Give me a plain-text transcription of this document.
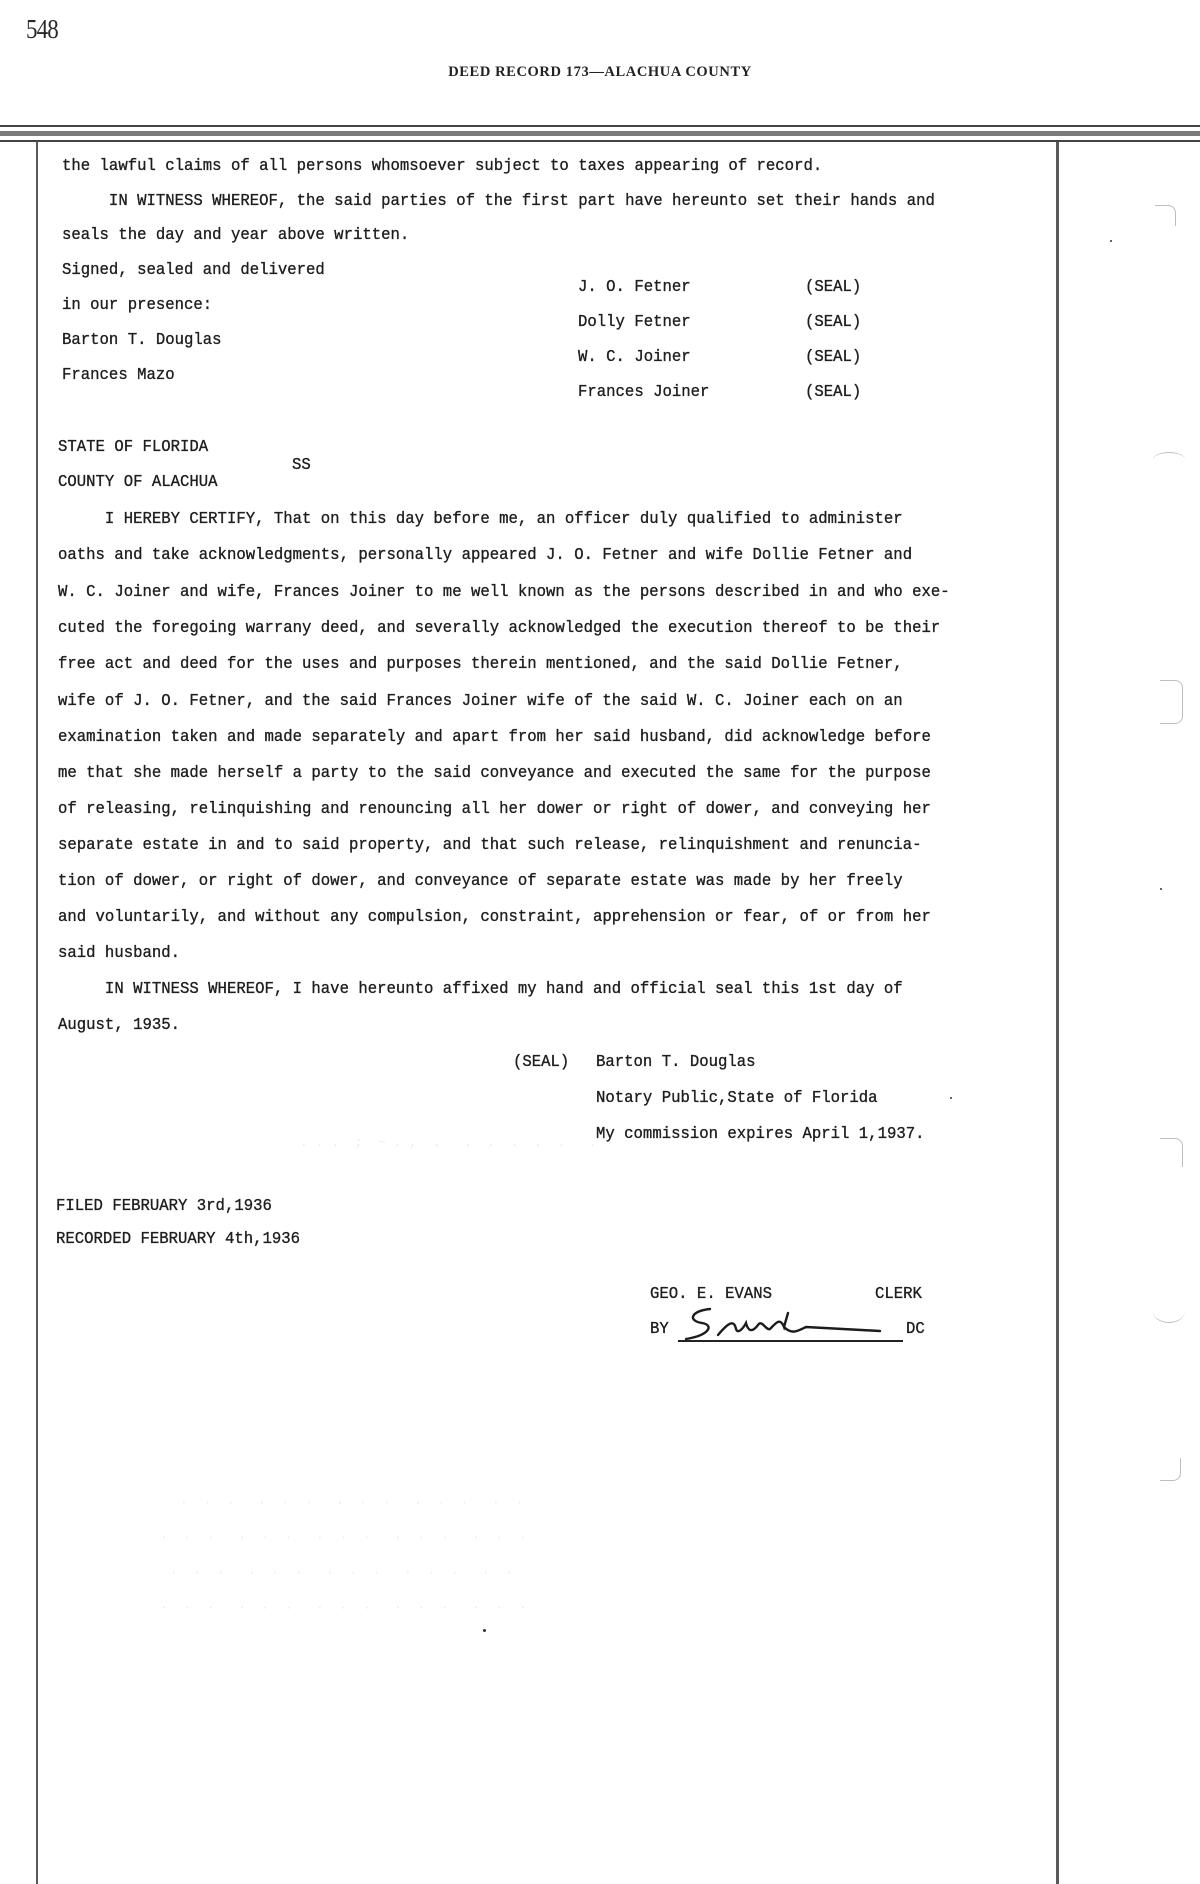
548
DEED RECORD 173—ALACHUA COUNTY
the lawful claims of all persons whomsoever subject to taxes appearing of record.
IN WITNESS WHEREOF, the said parties of the first part have hereunto set their hands and
seals the day and year above written.
Signed, sealed and delivered
in our presence:
Barton T. Douglas
Frances Mazo
J. O. Fetner	(SEAL)
Dolly Fetner	(SEAL)
W. C. Joiner	(SEAL)
Frances Joiner	(SEAL)
STATE OF FLORIDA
SS
COUNTY OF ALACHUA
I HEREBY CERTIFY, That on this day before me, an officer duly qualified to administer
oaths and take acknowledgments, personally appeared J. O. Fetner and wife Dollie Fetner and
W. C. Joiner and wife, Frances Joiner to me well known as the persons described in and who exe-
cuted the foregoing warrany deed, and severally acknowledged the execution thereof to be their
free act and deed for the uses and purposes therein mentioned, and the said Dollie Fetner,
wife of J. O. Fetner, and the said Frances Joiner wife of the said W. C. Joiner each on an
examination taken and made separately and apart from her said husband, did acknowledge before
me that she made herself a party to the said conveyance and executed the same for the purpose
of releasing, relinquishing and renouncing all her dower or right of dower, and conveying her
separate estate in and to said property, and that such release, relinquishment and renuncia-
tion of dower, or right of dower, and conveyance of separate estate was made by her freely
and voluntarily, and without any compulsion, constraint, apprehension or fear, of or from her
said husband.
IN WITNESS WHEREOF, I have hereunto affixed my hand and official seal this 1st day of
August, 1935.
(SEAL) Barton T. Douglas
Notary Public,State of Florida
My commission expires April 1,1937.
. . .  ;  ~ . ,  .   .  .  .  .  .   .
·  ·  ·   ·  ·  ·   ·  ·  ·   ·  ·  ·   ·  ·
·  ·  ·   ·  ·  ·   ·  ·  ·   ·  ·  ·   ·  ·  ·
·  ·  ·   ·  ·  ·   ·  ·  ·   ·  ·  ·   ·  ·
·  ·  ·   ·  ·  ·   ·  ·  ·   ·  ·  ·   ·  ·  ·
FILED FEBRUARY 3rd,1936
RECORDED FEBRUARY 4th,1936
GEO. E. EVANS	CLERK
BY	DC
